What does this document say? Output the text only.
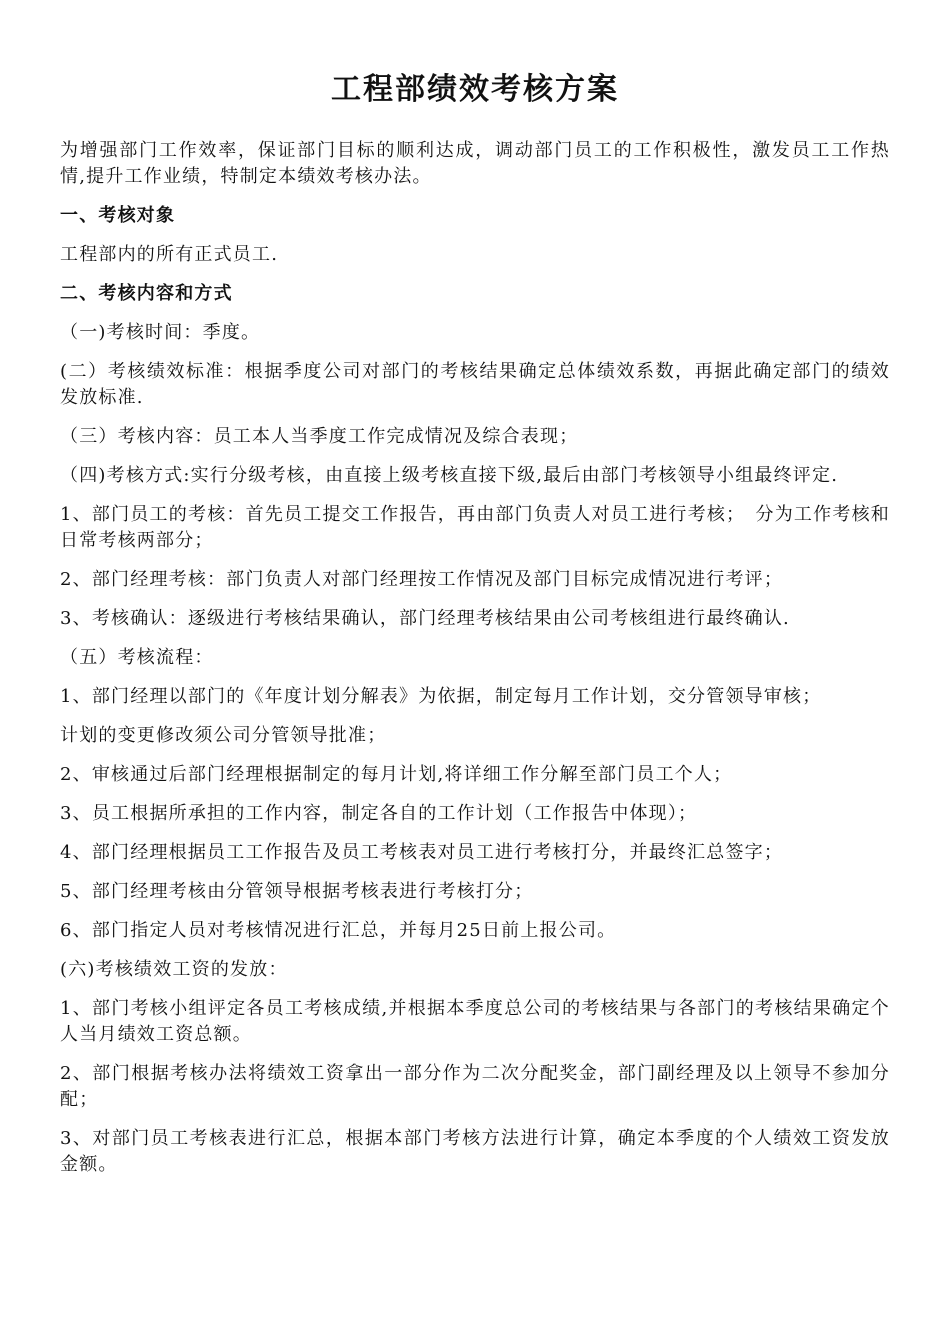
工程部绩效考核方案
为增强部门工作效率，保证部门目标的顺利达成，调动部门员工的工作积极性，激发员工工作热情,提升工作业绩，特制定本绩效考核办法。
一、考核对象
工程部内的所有正式员工.
二、考核内容和方式
（一)考核时间：季度。
(二）考核绩效标准：根据季度公司对部门的考核结果确定总体绩效系数，再据此确定部门的绩效发放标准.
（三）考核内容：员工本人当季度工作完成情况及综合表现；
（四)考核方式:实行分级考核，由直接上级考核直接下级,最后由部门考核领导小组最终评定.
1、部门员工的考核：首先员工提交工作报告，再由部门负责人对员工进行考核；　分为工作考核和日常考核两部分；
2、部门经理考核：部门负责人对部门经理按工作情况及部门目标完成情况进行考评；
3、考核确认：逐级进行考核结果确认，部门经理考核结果由公司考核组进行最终确认.
（五）考核流程：
1、部门经理以部门的《年度计划分解表》为依据，制定每月工作计划，交分管领导审核；
计划的变更修改须公司分管领导批准；
2、审核通过后部门经理根据制定的每月计划,将详细工作分解至部门员工个人；
3、员工根据所承担的工作内容，制定各自的工作计划（工作报告中体现）；
4、部门经理根据员工工作报告及员工考核表对员工进行考核打分，并最终汇总签字；
5、部门经理考核由分管领导根据考核表进行考核打分；
6、部门指定人员对考核情况进行汇总，并每月25日前上报公司。
(六)考核绩效工资的发放：
1、部门考核小组评定各员工考核成绩,并根据本季度总公司的考核结果与各部门的考核结果确定个人当月绩效工资总额。
2、部门根据考核办法将绩效工资拿出一部分作为二次分配奖金，部门副经理及以上领导不参加分配；
3、对部门员工考核表进行汇总，根据本部门考核方法进行计算，确定本季度的个人绩效工资发放金额。
